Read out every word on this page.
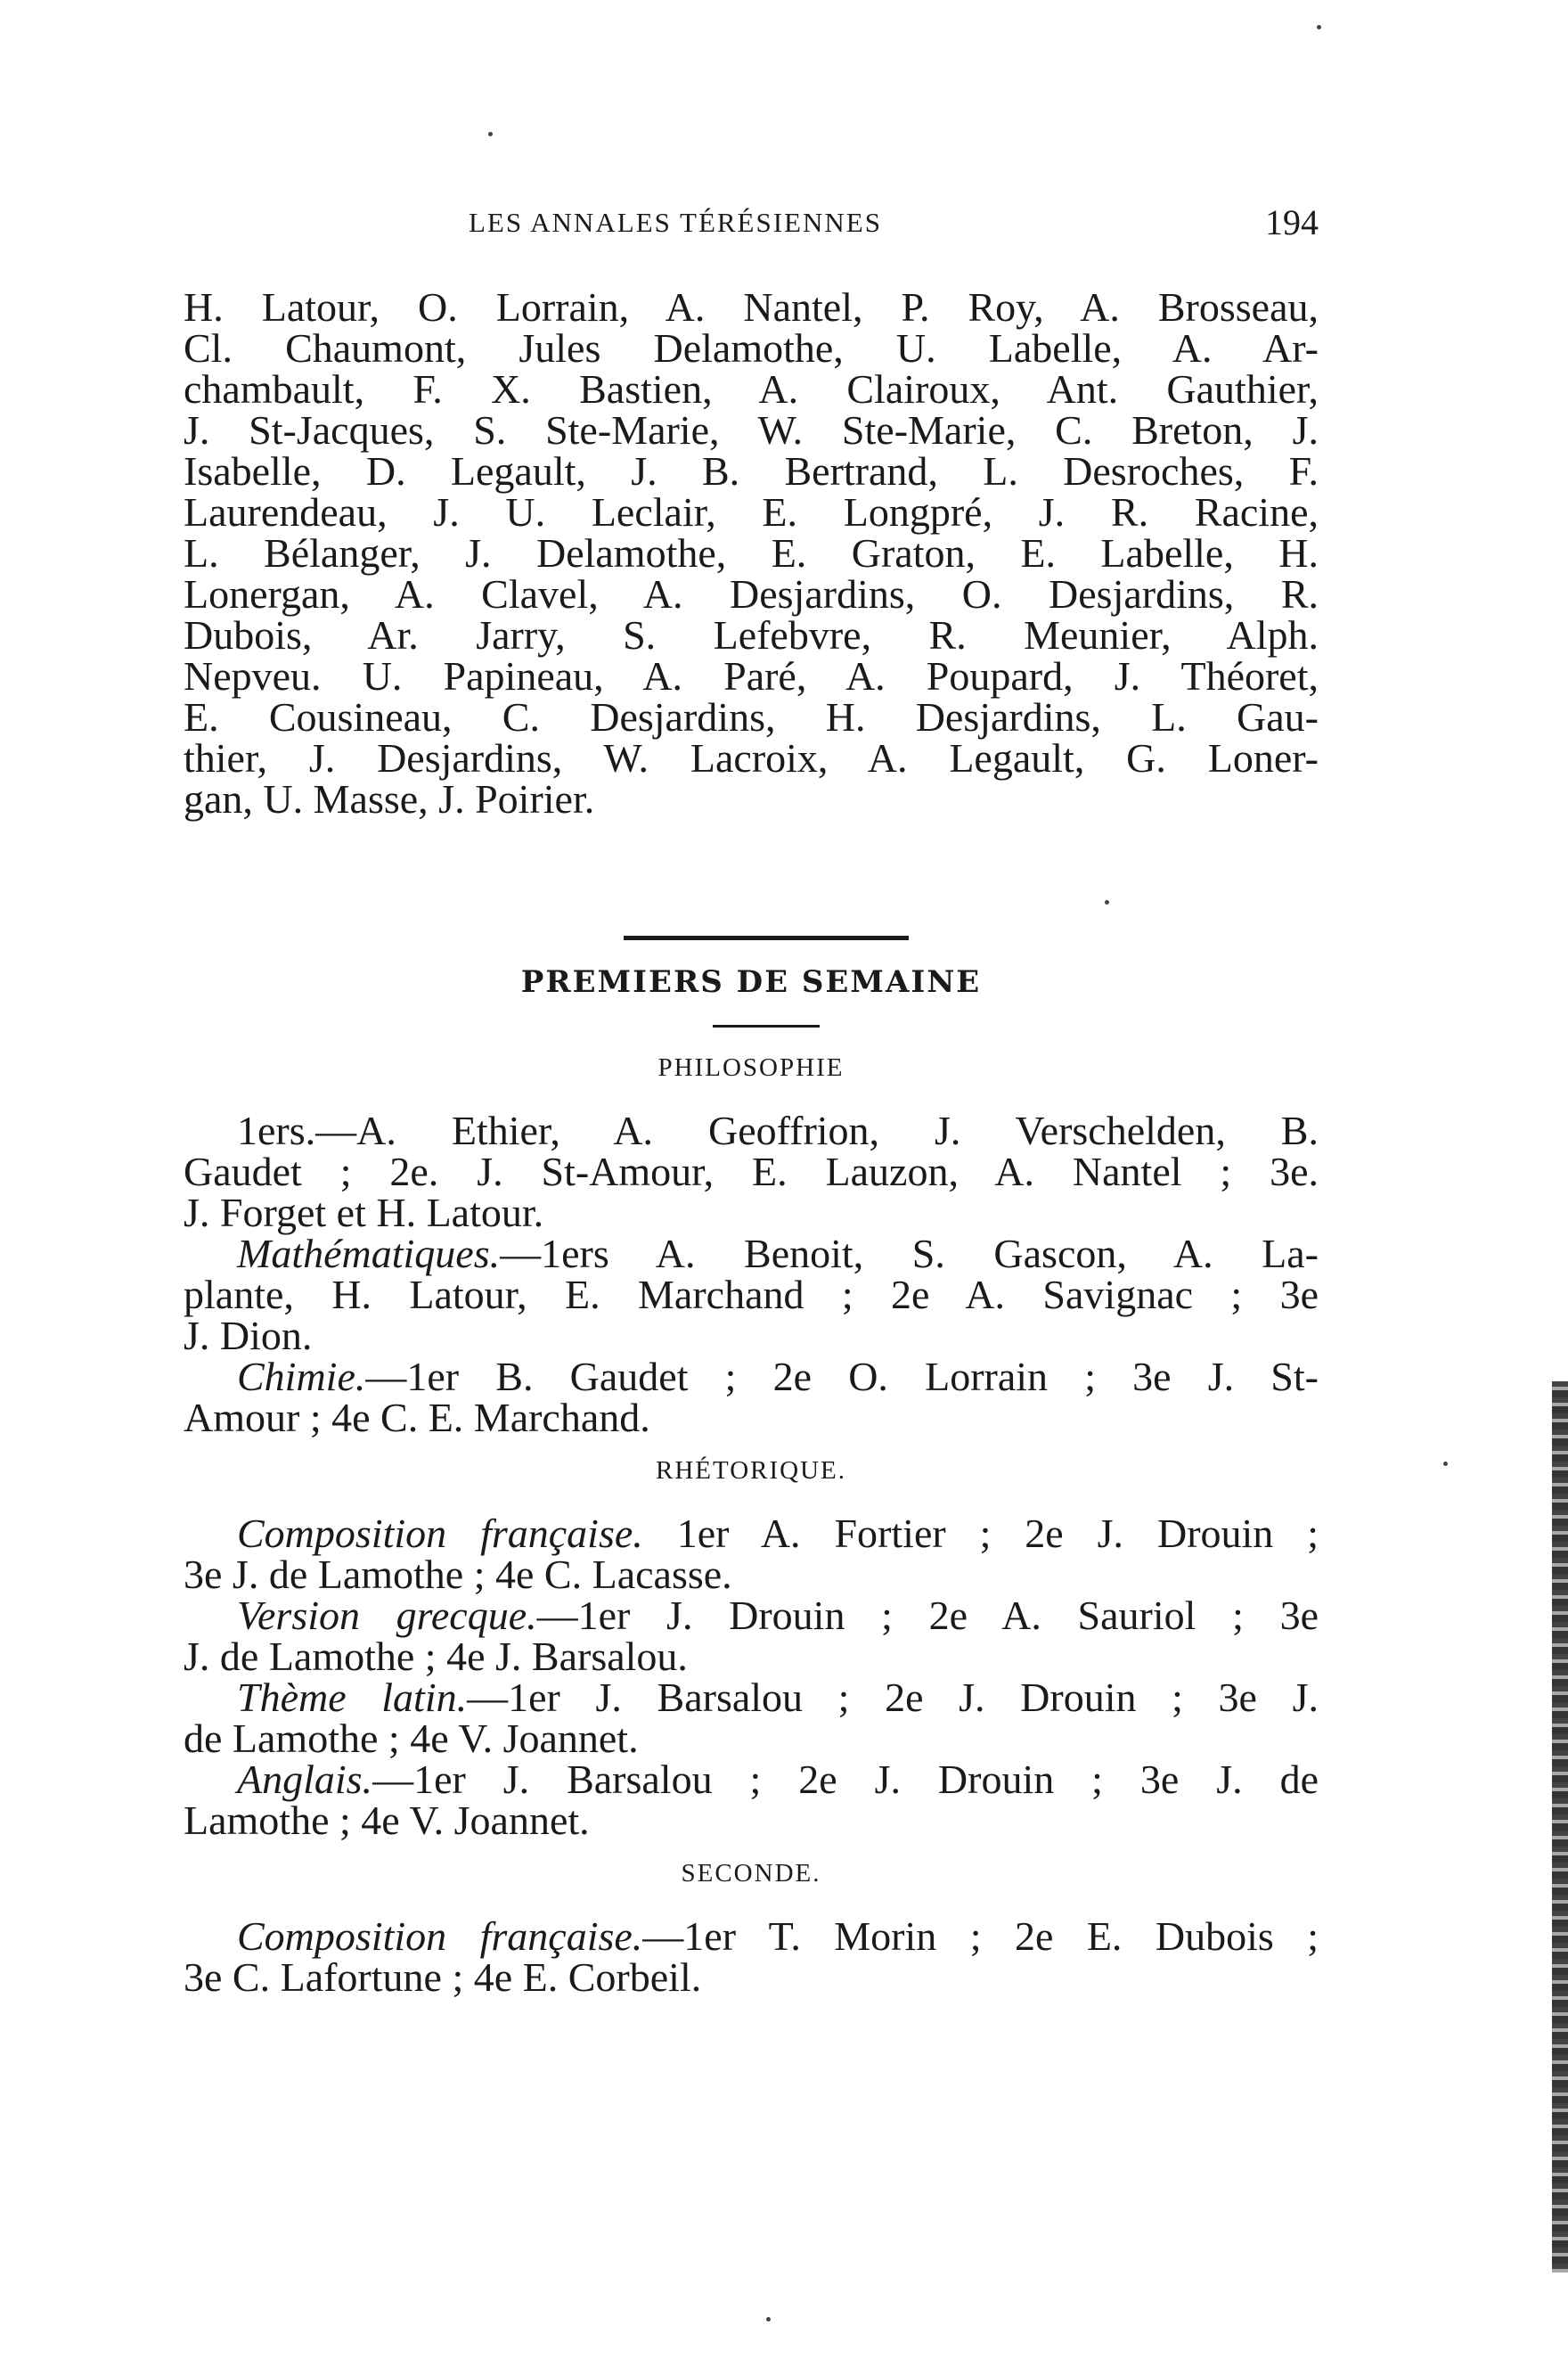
LES ANNALES TÉRÉSIENNES	194
H. Latour, O. Lorrain, A. Nantel, P. Roy, A. Brosseau,
Cl. Chaumont, Jules Delamothe, U. Labelle, A. Ar-
chambault, F. X. Bastien, A. Clairoux, Ant. Gauthier,
J. St-Jacques, S. Ste-Marie, W. Ste-Marie, C. Breton, J.
Isabelle, D. Legault, J. B. Bertrand, L. Desroches, F.
Laurendeau, J. U. Leclair, E. Longpré, J. R. Racine,
L. Bélanger, J. Delamothe, E. Graton, E. Labelle, H.
Lonergan, A. Clavel, A. Desjardins, O. Desjardins, R.
Dubois, Ar. Jarry, S. Lefebvre, R. Meunier, Alph.
Nepveu. U. Papineau, A. Paré, A. Poupard, J. Théoret,
E. Cousineau, C. Desjardins, H. Desjardins, L. Gau-
thier, J. Desjardins, W. Lacroix, A. Legault, G. Loner-
gan, U. Masse, J. Poirier.
PREMIERS DE SEMAINE
PHILOSOPHIE
1ers.—A. Ethier, A. Geoffrion, J. Verschelden, B.
Gaudet ; 2e. J. St-Amour, E. Lauzon, A. Nantel ; 3e.
J. Forget et H. Latour.
Mathématiques.—1ers A. Benoit, S. Gascon, A. La-
plante, H. Latour, E. Marchand ; 2e A. Savignac ; 3e
J. Dion.
Chimie.—1er B. Gaudet ; 2e O. Lorrain ; 3e J. St-
Amour ; 4e C. E. Marchand.
RHÉTORIQUE.
Composition française. 1er A. Fortier ; 2e J. Drouin ;
3e J. de Lamothe ; 4e C. Lacasse.
Version grecque.—1er J. Drouin ; 2e A. Sauriol ; 3e
J. de Lamothe ; 4e J. Barsalou.
Thème latin.—1er J. Barsalou ; 2e J. Drouin ; 3e J.
de Lamothe ; 4e V. Joannet.
Anglais.—1er J. Barsalou ; 2e J. Drouin ; 3e J. de
Lamothe ; 4e V. Joannet.
SECONDE.
Composition française.—1er T. Morin ; 2e E. Dubois ;
3e C. Lafortune ; 4e E. Corbeil.
